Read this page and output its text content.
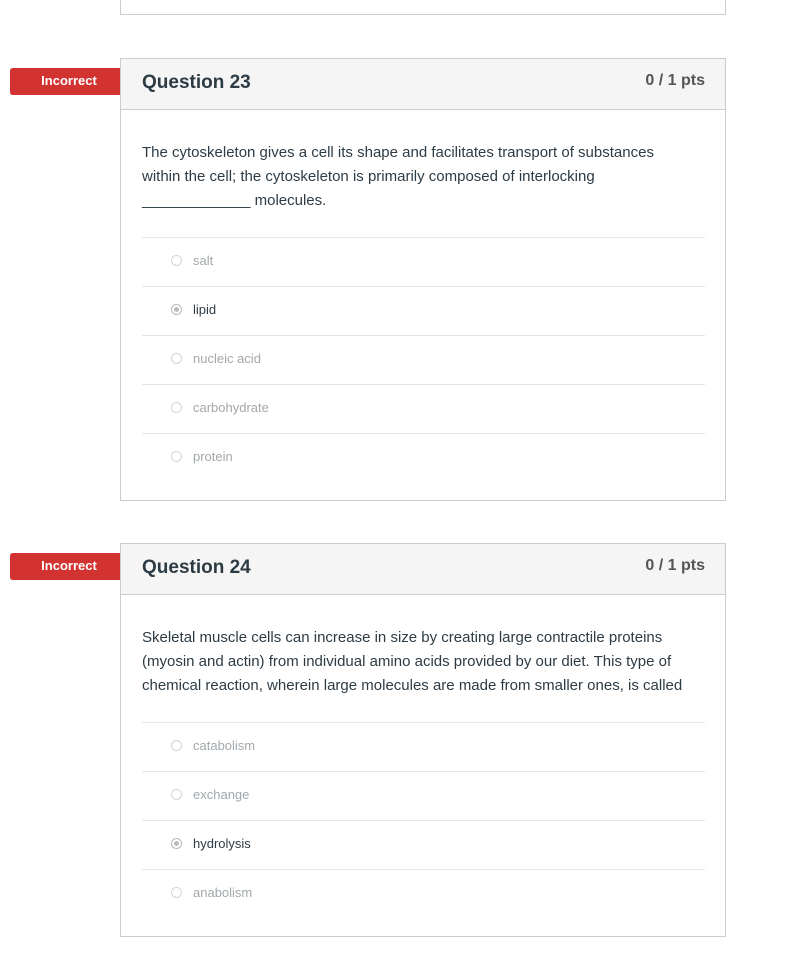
Incorrect	Question 23	0 / 1 pts

The cytoskeleton gives a cell its shape and facilitates transport of substances within the cell; the cytoskeleton is primarily composed of interlocking _____________ molecules.

salt
lipid
nucleic acid
carbohydrate
protein
Incorrect	Question 24	0 / 1 pts

Skeletal muscle cells can increase in size by creating large contractile proteins (myosin and actin) from individual amino acids provided by our diet. This type of chemical reaction, wherein large molecules are made from smaller ones, is called

catabolism
exchange
hydrolysis
anabolism
